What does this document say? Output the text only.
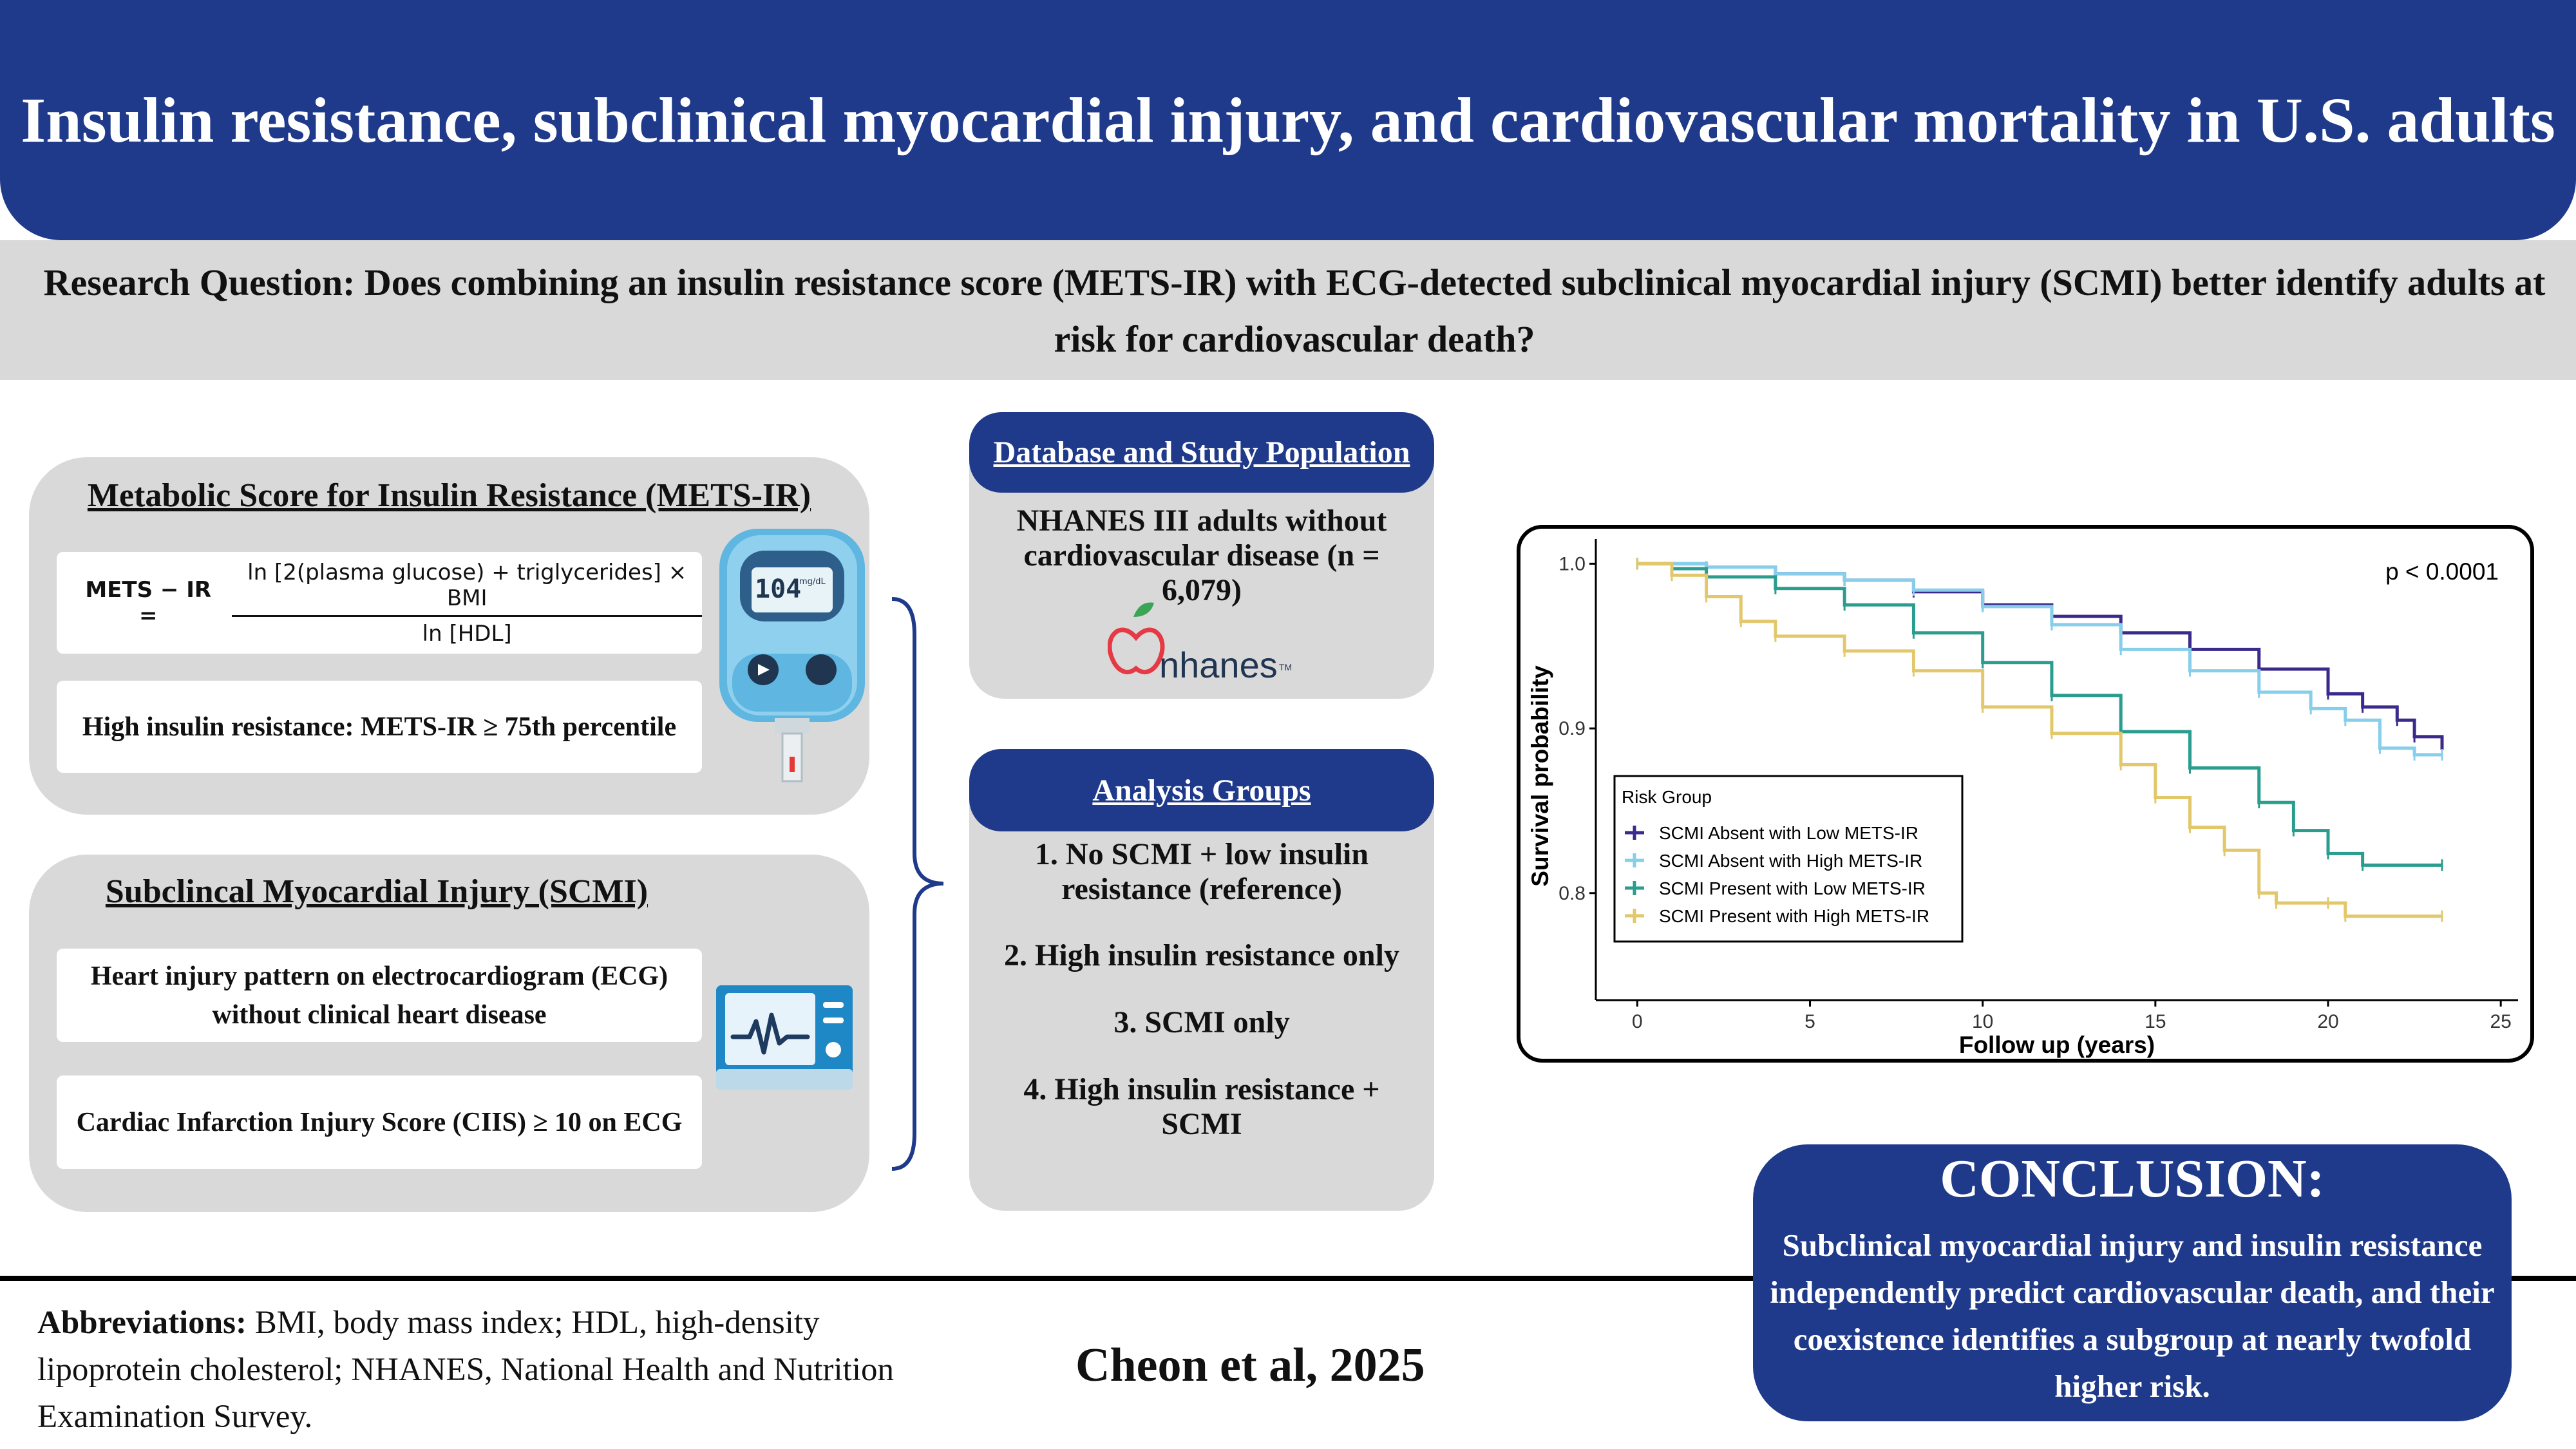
Insulin resistance, subclinical myocardial injury, and cardiovascular mortality in U.S. adults
Research Question: Does combining an insulin resistance score (METS-IR) with ECG-detected subclinical myocardial injury (SCMI) better identify adults at risk for cardiovascular death?
Metabolic Score for Insulin Resistance (METS-IR)
METS − IR =
ln [2(plasma glucose) + triglycerides] × BMI
ln [HDL]
High insulin resistance: METS-IR ≥ 75th percentile
104
mg/dL
Subclincal Myocardial Injury (SCMI)
Heart injury pattern on electrocardiogram (ECG) without clinical heart disease
Cardiac Infarction Injury Score (CIIS) ≥ 10 on ECG
Database and Study Population
NHANES III adults without cardiovascular disease (n = 6,079)
nhanes TM
Analysis Groups
1. No SCMI + low insulin resistance (reference)
2. High insulin resistance only
3. SCMI only
4. High insulin resistance + SCMI
0	5	10	15	20	25
0.8
0.9
1.0
Follow up (years)
Survival probability
p < 0.0001
Risk Group
SCMI Absent with Low METS-IR
SCMI Absent with High METS-IR
SCMI Present with Low METS-IR
SCMI Present with High METS-IR
Abbreviations: BMI, body mass index; HDL, high-density lipoprotein cholesterol; NHANES, National Health and Nutrition Examination Survey.
Cheon et al, 2025
CONCLUSION:
Subclinical myocardial injury and insulin resistance independently predict cardiovascular death, and their coexistence identifies a subgroup at nearly twofold higher risk.
